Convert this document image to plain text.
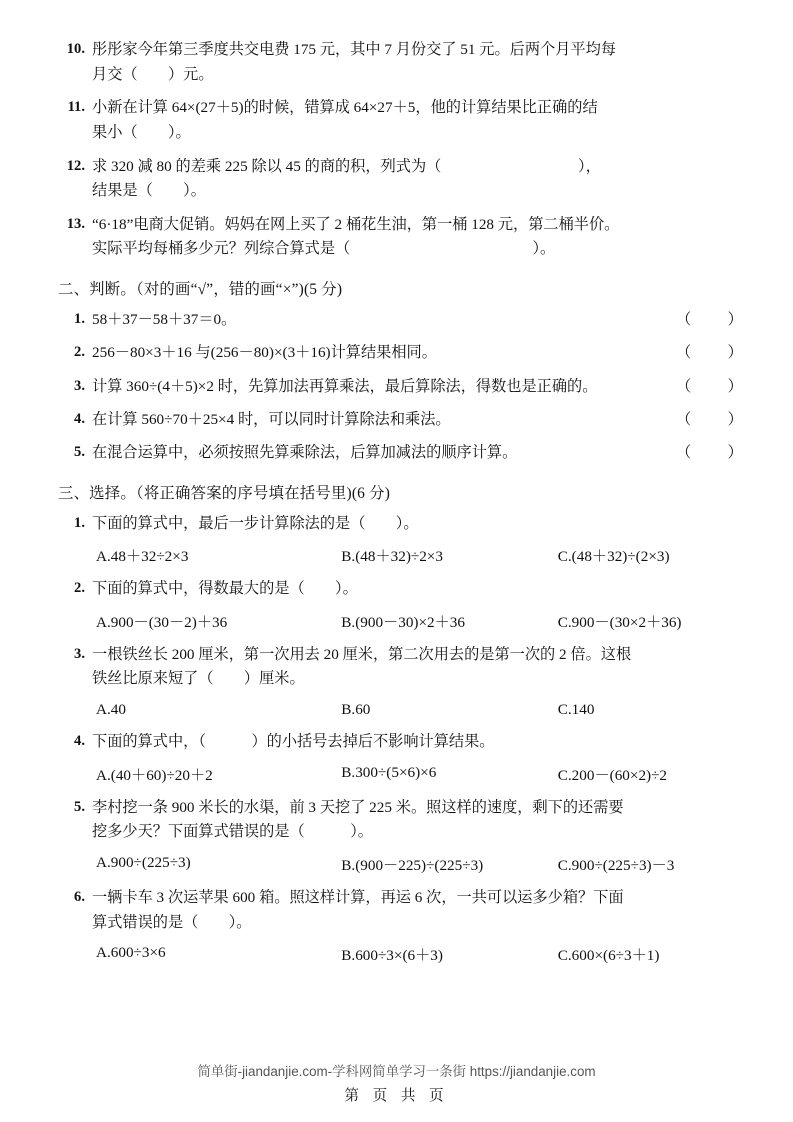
10. 彤彤家今年第三季度共交电费 175 元，其中 7 月份交了 51 元。后两个月平均每
月交（　　）元。
11. 小新在计算 64×(27＋5)的时候，错算成 64×27＋5，他的计算结果比正确的结
果小（　　）。
12. 求 320 减 80 的差乘 225 除以 45 的商的积，列式为（　　　　　　　　　），
结果是（　　）。
13. “6·18”电商大促销。妈妈在网上买了 2 桶花生油，第一桶 128 元，第二桶半价。
实际平均每桶多少元？列综合算式是（　　　　　　　　　　　　）。
二、判断。（对的画“√”，错的画“×”)(5 分)
1. 58＋37－58＋37＝0。	（　　）
2. 256－80×3＋16 与(256－80)×(3＋16)计算结果相同。	（　　）
3. 计算 360÷(4＋5)×2 时，先算加法再算乘法，最后算除法，得数也是正确的。	（　　）
4. 在计算 560÷70＋25×4 时，可以同时计算除法和乘法。	（　　）
5. 在混合运算中，必须按照先算乘除法，后算加减法的顺序计算。	（　　）
三、选择。（将正确答案的序号填在括号里)(6 分)
1. 下面的算式中，最后一步计算除法的是（　　）。
A.48＋32÷2×3	B.(48＋32)÷2×3	C.(48＋32)÷(2×3)
2. 下面的算式中，得数最大的是（　　）。
A.900－(30－2)＋36	B.(900－30)×2＋36	C.900－(30×2＋36)
3. 一根铁丝长 200 厘米，第一次用去 20 厘米，第二次用去的是第一次的 2 倍。这根
铁丝比原来短了（　　）厘米。
A.40	B.60	C.140
4. 下面的算式中，（　　　）的小括号去掉后不影响计算结果。
A.(40＋60)÷20＋2	B.300÷(5×6)×6	C.200－(60×2)÷2
5. 李村挖一条 900 米长的水渠，前 3 天挖了 225 米。照这样的速度，剩下的还需要
挖多少天？下面算式错误的是（　　　）。
A.900÷(225÷3)	B.(900－225)÷(225÷3)	C.900÷(225÷3)－3
6. 一辆卡车 3 次运苹果 600 箱。照这样计算，再运 6 次，一共可以运多少箱？下面
算式错误的是（　　）。
A.600÷3×6	B.600÷3×(6＋3)	C.600×(6÷3＋1)
简单街-jiandanjie.com-学科网简单学习一条街 https://jiandanjie.com
第 页 共 页
